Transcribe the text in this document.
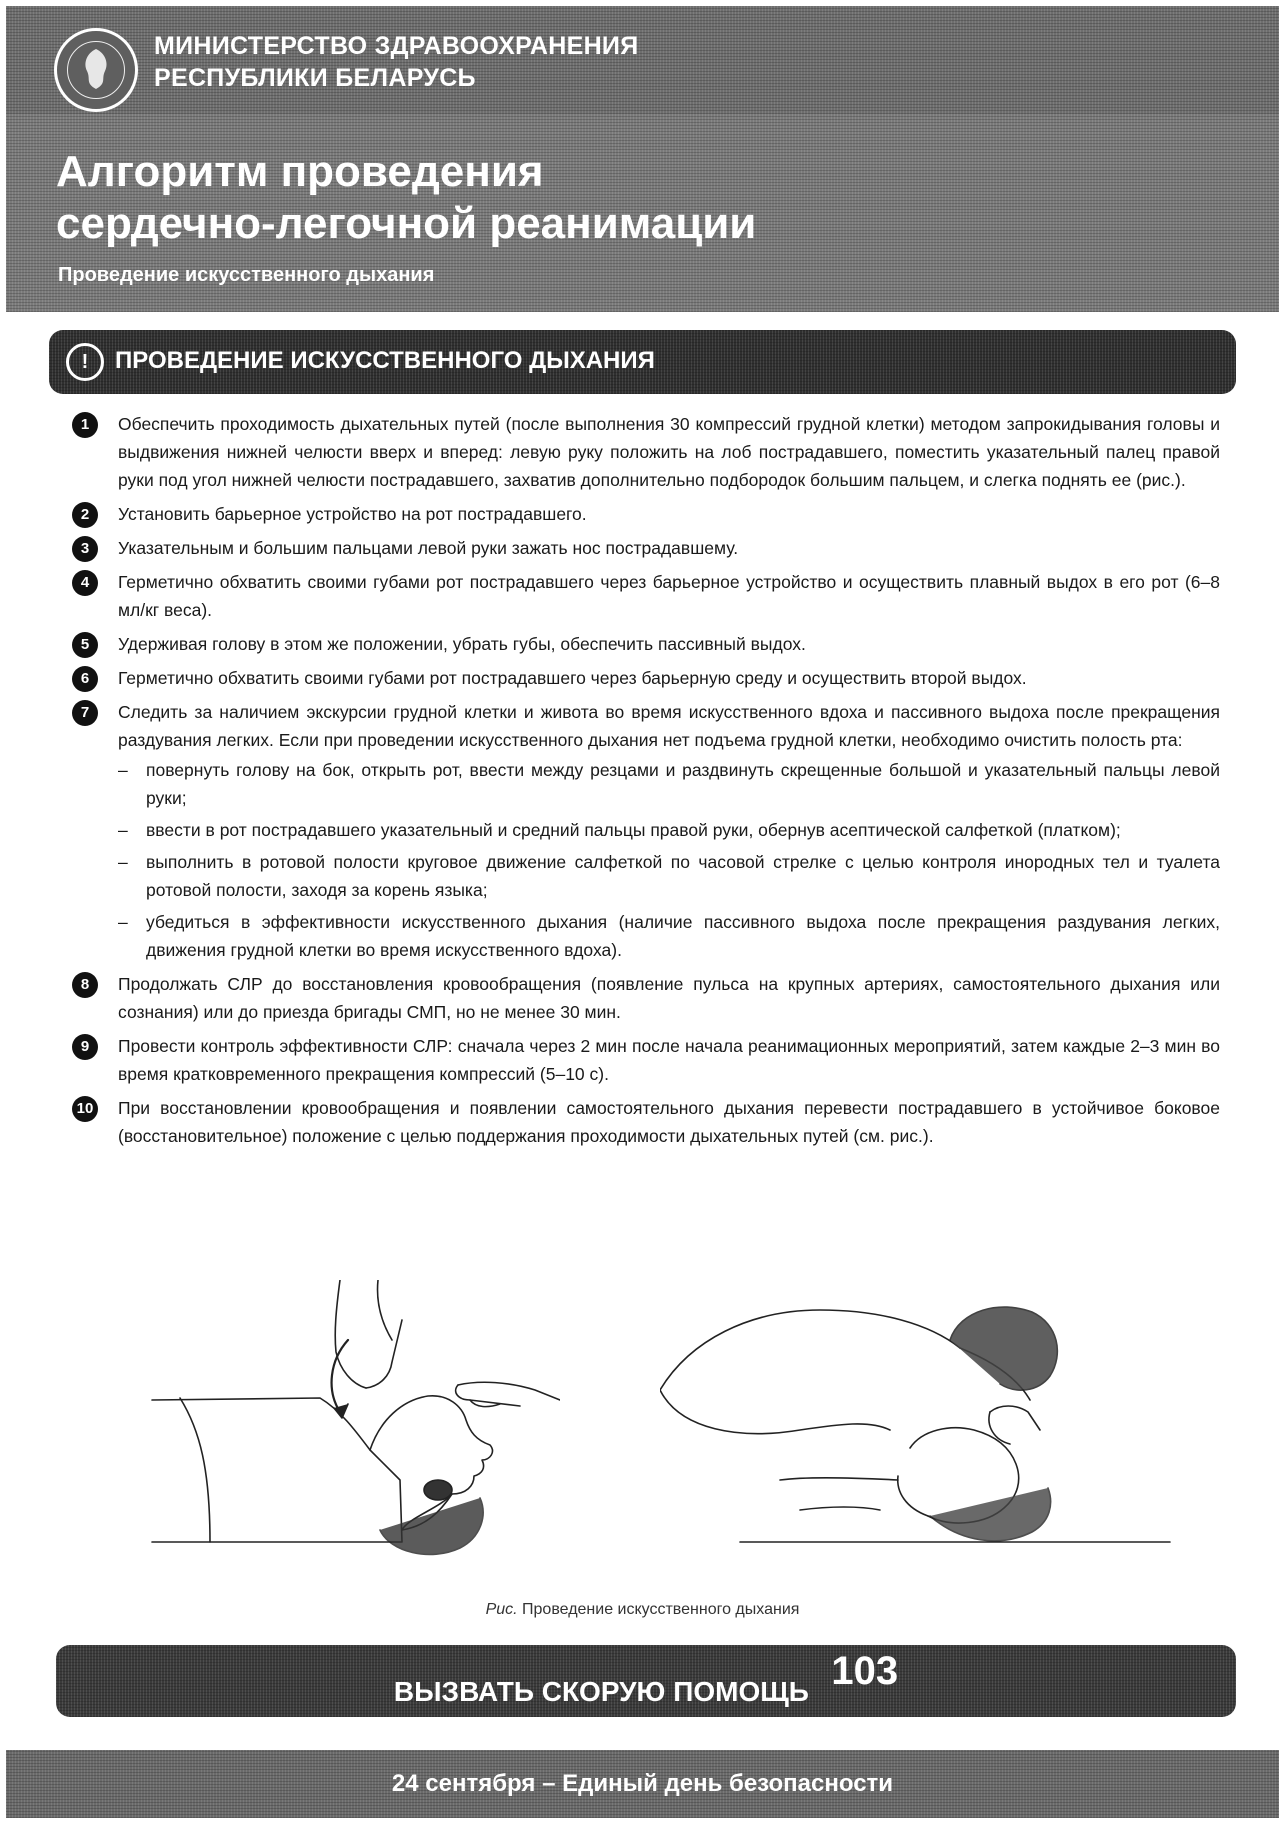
МИНИСТЕРСТВО ЗДРАВООХРАНЕНИЯ
РЕСПУБЛИКИ БЕЛАРУСЬ
Алгоритм проведения
сердечно-легочной реанимации
Проведение искусственного дыхания
!	ПРОВЕДЕНИЕ ИСКУССТВЕННОГО ДЫХАНИЯ
1	Обеспечить проходимость дыхательных путей (после выполнения 30 компрессий грудной клетки) методом запрокидывания головы и выдвижения нижней челюсти вверх и вперед: левую руку положить на лоб пострадавшего, поместить указательный палец правой руки под угол нижней челюсти пострадавшего, захватив дополнительно подбородок большим пальцем, и слегка поднять ее (рис.).
2	Установить барьерное устройство на рот пострадавшего.
3	Указательным и большим пальцами левой руки зажать нос пострадавшему.
4	Герметично обхватить своими губами рот пострадавшего через барьерное устройство и осуществить плавный выдох в его рот (6–8 мл/кг веса).
5	Удерживая голову в этом же положении, убрать губы, обеспечить пассивный выдох.
6	Герметично обхватить своими губами рот пострадавшего через барьерную среду и осуществить второй выдох.
7	Следить за наличием экскурсии грудной клетки и живота во время искусственного вдоха и пассивного выдоха после прекращения раздувания легких. Если при проведении искусственного дыхания нет подъема грудной клетки, необходимо очистить полость рта:
– повернуть голову на бок, открыть рот, ввести между резцами и раздвинуть скрещенные большой и указательный пальцы левой руки;
– ввести в рот пострадавшего указательный и средний пальцы правой руки, обернув асептической салфеткой (платком);
– выполнить в ротовой полости круговое движение салфеткой по часовой стрелке с целью контроля инородных тел и туалета ротовой полости, заходя за корень языка;
– убедиться в эффективности искусственного дыхания (наличие пассивного выдоха после прекращения раздувания легких, движения грудной клетки во время искусственного вдоха).
8	Продолжать СЛР до восстановления кровообращения (появление пульса на крупных артериях, самостоятельного дыхания или сознания) или до приезда бригады СМП, но не менее 30 мин.
9	Провести контроль эффективности СЛР: сначала через 2 мин после начала реанимационных мероприятий, затем каждые 2–3 мин во время кратковременного прекращения компрессий (5–10 с).
10 При восстановлении кровообращения и появлении самостоятельного дыхания перевести пострадавшего в устойчивое боковое (восстановительное) положение с целью поддержания проходимости дыхательных путей (см. рис.).
Рис. Проведение искусственного дыхания
ВЫЗВАТЬ СКОРУЮ ПОМОЩЬ 103
24 сентября – Единый день безопасности
